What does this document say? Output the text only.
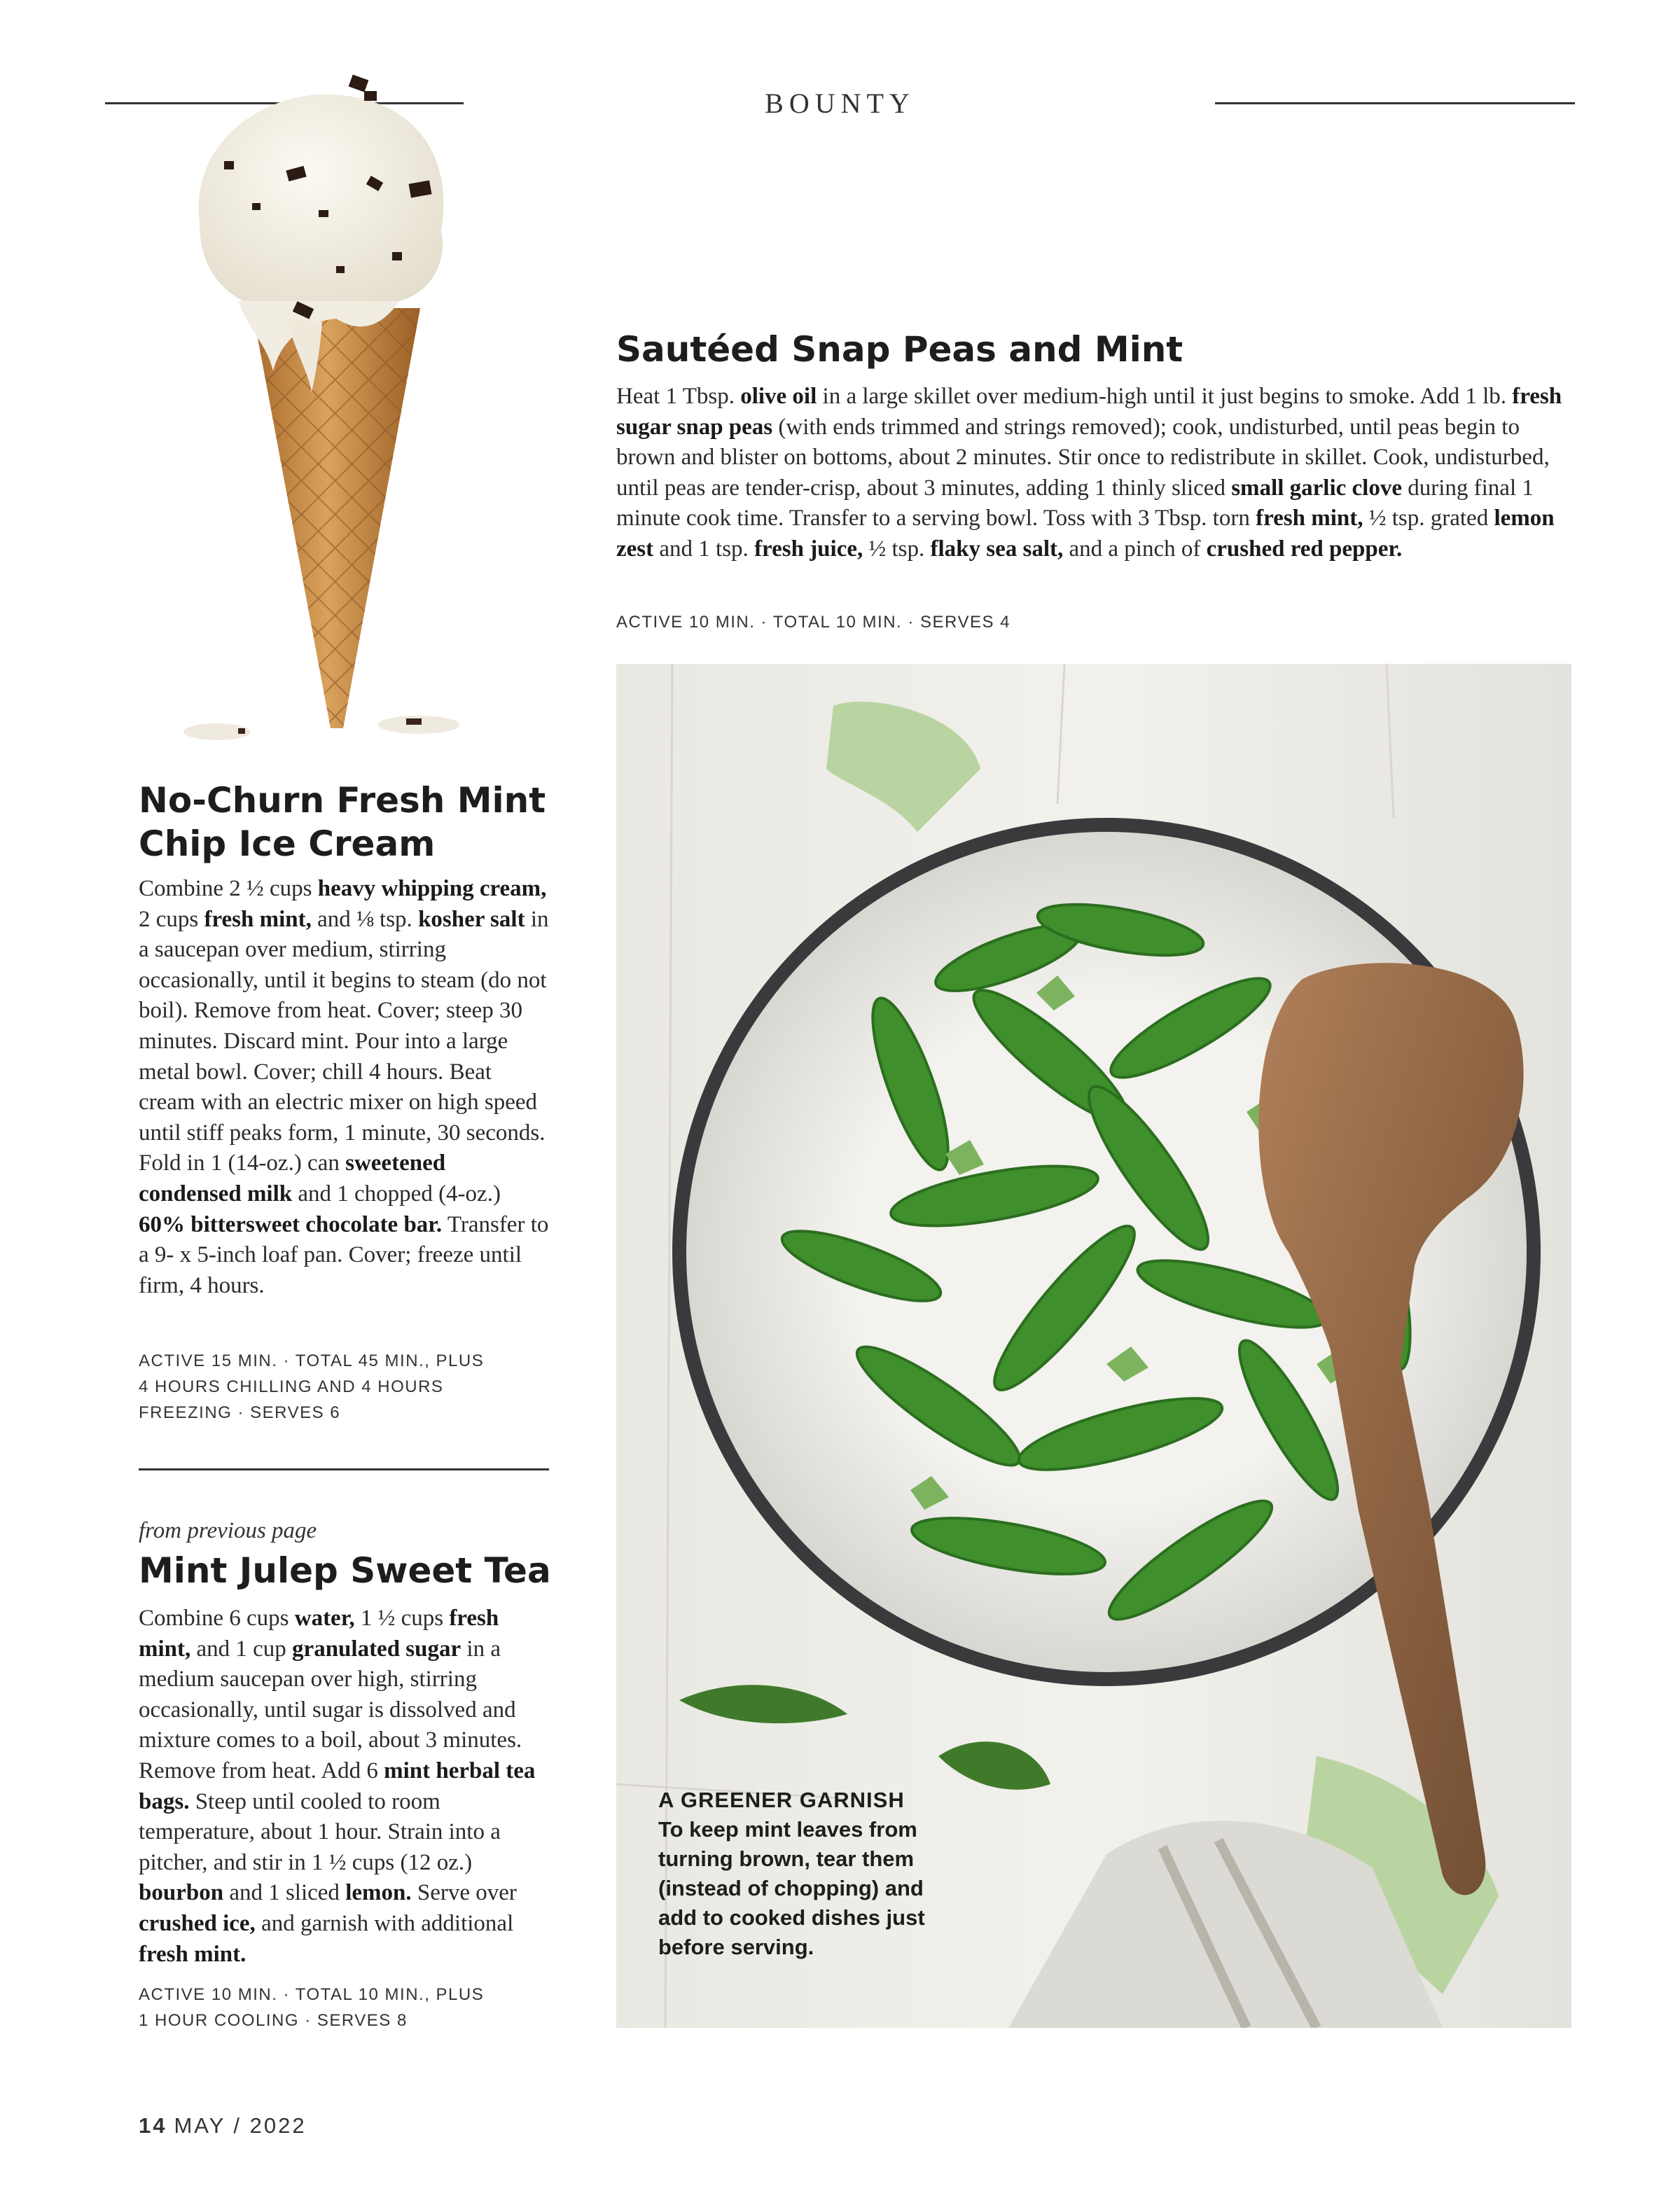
BOUNTY
Sautéed Snap Peas and Mint

Heat 1 Tbsp. olive oil in a large skillet over medium-high until it just begins to smoke. Add 1 lb. fresh sugar snap peas (with ends trimmed and strings removed); cook, undisturbed, until peas begin to brown and blister on bottoms, about 2 minutes. Stir once to redistribute in skillet. Cook, undisturbed, until peas are tender-crisp, about 3 minutes, adding 1 thinly sliced small garlic clove during final 1 minute cook time. Transfer to a serving bowl. Toss with 3 Tbsp. torn fresh mint, ½ tsp. grated lemon zest and 1 tsp. fresh juice, ½ tsp. flaky sea salt, and a pinch of crushed red pepper.

ACTIVE 10 MIN. · TOTAL 10 MIN. · SERVES 4

A GREENER GARNISH
To keep mint leaves from turning brown, tear them (instead of chopping) and add to cooked dishes just before serving.
No-Churn Fresh Mint Chip Ice Cream

Combine 2 ½ cups heavy whipping cream, 2 cups fresh mint, and ⅛ tsp. kosher salt in a saucepan over medium, stirring occasionally, until it begins to steam (do not boil). Remove from heat. Cover; steep 30 minutes. Discard mint. Pour into a large metal bowl. Cover; chill 4 hours. Beat cream with an electric mixer on high speed until stiff peaks form, 1 minute, 30 seconds. Fold in 1 (14-oz.) can sweetened condensed milk and 1 chopped (4-oz.) 60% bittersweet chocolate bar. Transfer to a 9- x 5-inch loaf pan. Cover; freeze until firm, 4 hours.

ACTIVE 15 MIN. · TOTAL 45 MIN., PLUS
4 HOURS CHILLING AND 4 HOURS
FREEZING · SERVES 6

from previous page

Mint Julep Sweet Tea

Combine 6 cups water, 1 ½ cups fresh mint, and 1 cup granulated sugar in a medium saucepan over high, stirring occasionally, until sugar is dissolved and mixture comes to a boil, about 3 minutes. Remove from heat. Add 6 mint herbal tea bags. Steep until cooled to room temperature, about 1 hour. Strain into a pitcher, and stir in 1 ½ cups (12 oz.) bourbon and 1 sliced lemon. Serve over crushed ice, and garnish with additional fresh mint.

ACTIVE 10 MIN. · TOTAL 10 MIN., PLUS
1 HOUR COOLING · SERVES 8

14 MAY / 2022
